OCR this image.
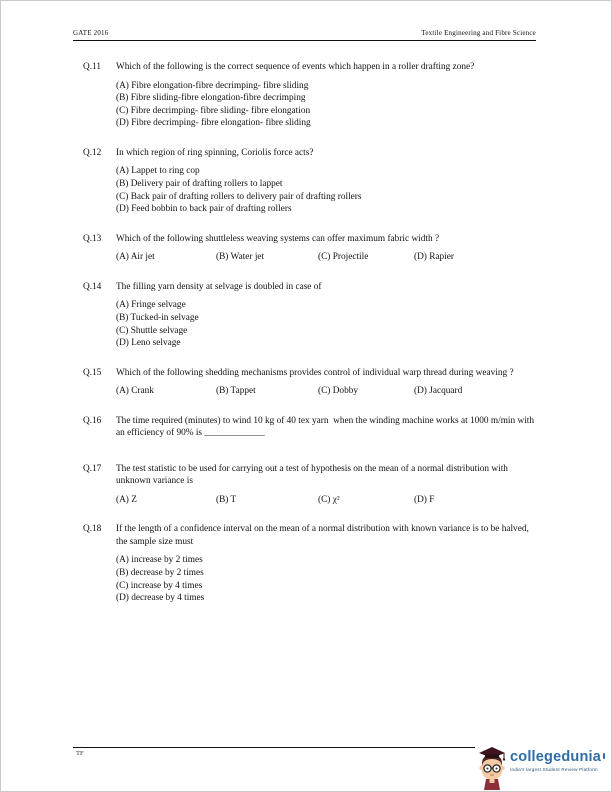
GATE 2016	Textile Engineering and Fibre Science
Q.11	Which of the following is the correct sequence of events which happen in a roller drafting zone?
(A) Fibre elongation-fibre decrimping- fibre sliding
(B) Fibre sliding-fibre elongation-fibre decrimping
(C) Fibre decrimping- fibre sliding- fibre elongation
(D) Fibre decrimping- fibre elongation- fibre sliding
Q.12	In which region of ring spinning, Coriolis force acts?
(A) Lappet to ring cop
(B) Delivery pair of drafting rollers to lappet
(C) Back pair of drafting rollers to delivery pair of drafting rollers
(D) Feed bobbin to back pair of drafting rollers
Q.13	Which of the following shuttleless weaving systems can offer maximum fabric width ?
(A) Air jet	(B) Water jet	(C) Projectile	(D) Rapier
Q.14	The filling yarn density at selvage is doubled in case of
(A) Fringe selvage
(B) Tucked-in selvage
(C) Shuttle selvage
(D) Leno selvage
Q.15	Which of the following shedding mechanisms provides control of individual warp thread during weaving ?
(A) Crank	(B) Tappet	(C) Dobby	(D) Jacquard
Q.16	The time required (minutes) to wind 10 kg of 40 tex yarn  when the winding machine works at 1000 m/min with an efficiency of 90% is _____________
Q.17	The test statistic to be used for carrying out a test of hypothesis on the mean of a normal distribution with unknown variance is
(A) Z	(B) T	(C) χ²	(D) F
Q.18	If the length of a confidence interval on the mean of a normal distribution with known variance is to be halved, the sample size must
(A) increase by 2 times
(B) decrease by 2 times
(C) increase by 4 times
(D) decrease by 4 times
TF	collegedunia
India's largest Student Review Platform
